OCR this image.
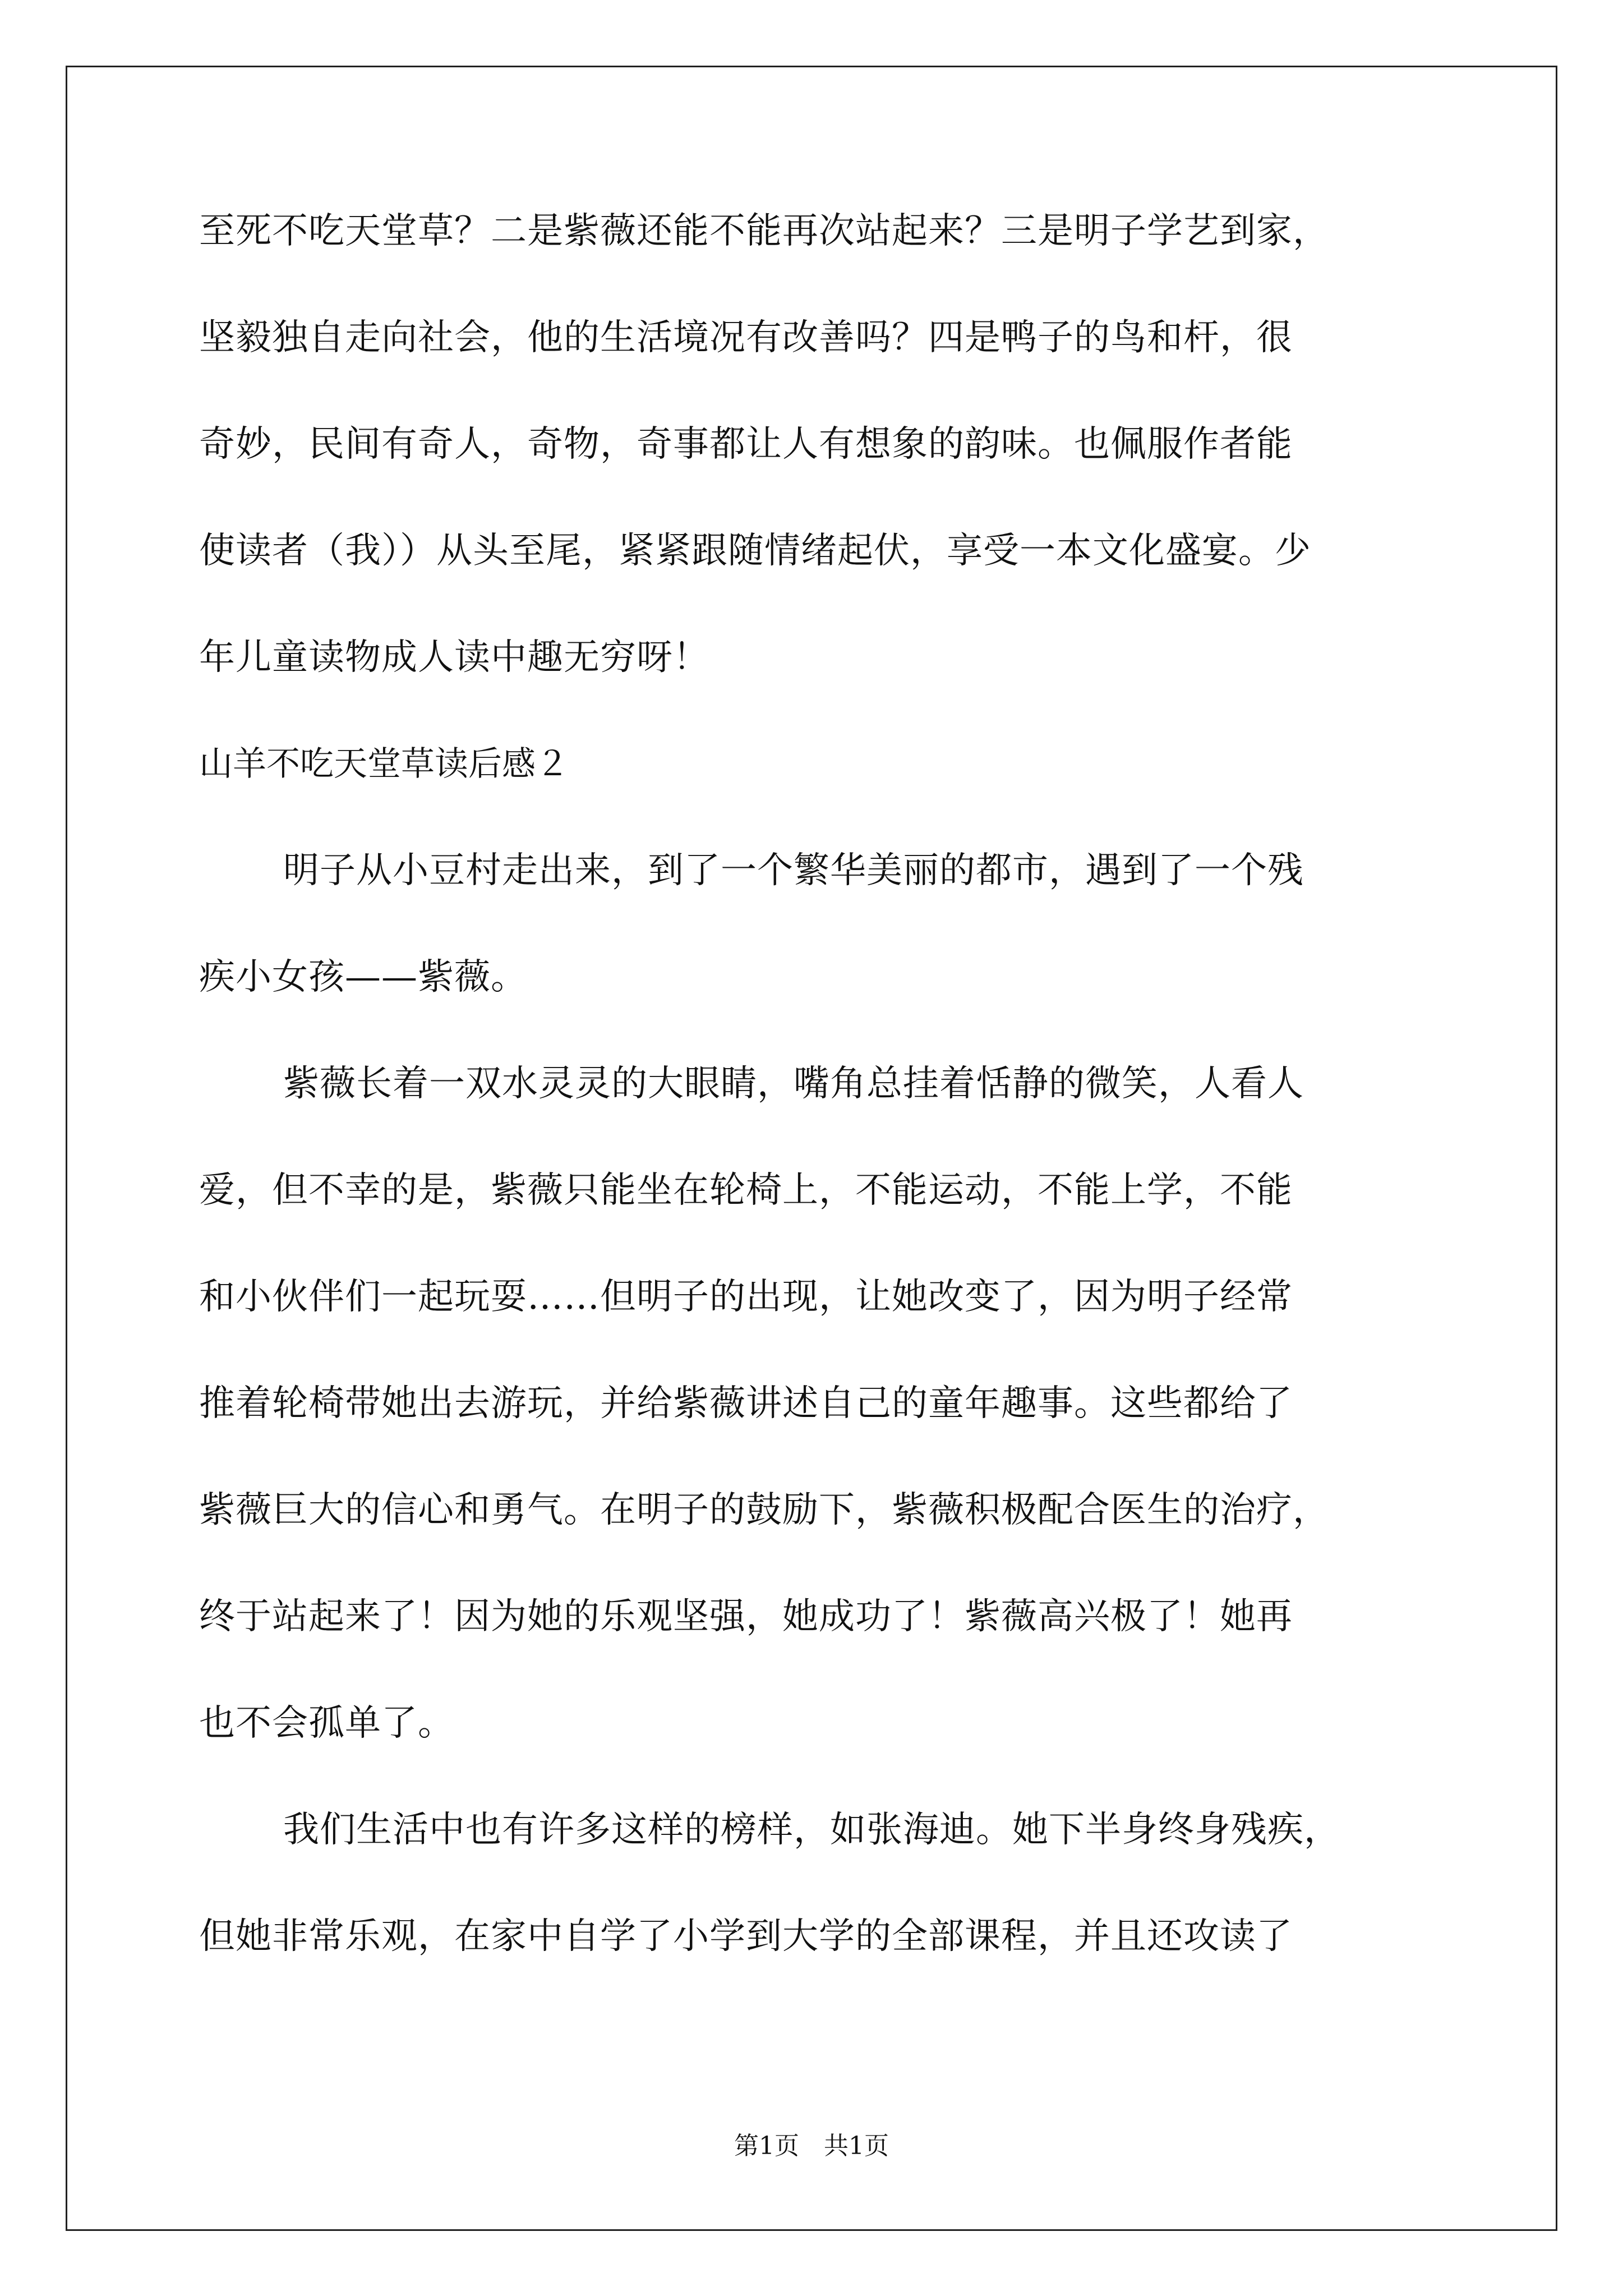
至死不吃天堂草？二是紫薇还能不能再次站起来？三是明子学艺到家，
坚毅独自走向社会，他的生活境况有改善吗？四是鸭子的鸟和杆，很
奇妙，民间有奇人，奇物，奇事都让人有想象的韵味。也佩服作者能
使读者（我））从头至尾，紧紧跟随情绪起伏，享受一本文化盛宴。少
年儿童读物成人读中趣无穷呀！
山羊不吃天堂草读后感２
明子从小豆村走出来，到了一个繁华美丽的都市，遇到了一个残
疾小女孩——紫薇。
紫薇长着一双水灵灵的大眼睛，嘴角总挂着恬静的微笑，人看人
爱，但不幸的是，紫薇只能坐在轮椅上，不能运动，不能上学，不能
和小伙伴们一起玩耍……但明子的出现，让她改变了，因为明子经常
推着轮椅带她出去游玩，并给紫薇讲述自己的童年趣事。这些都给了
紫薇巨大的信心和勇气。在明子的鼓励下，紫薇积极配合医生的治疗，
终于站起来了！因为她的乐观坚强，她成功了！紫薇高兴极了！她再
也不会孤单了。
我们生活中也有许多这样的榜样，如张海迪。她下半身终身残疾，
但她非常乐观，在家中自学了小学到大学的全部课程，并且还攻读了
第1页　共1页
